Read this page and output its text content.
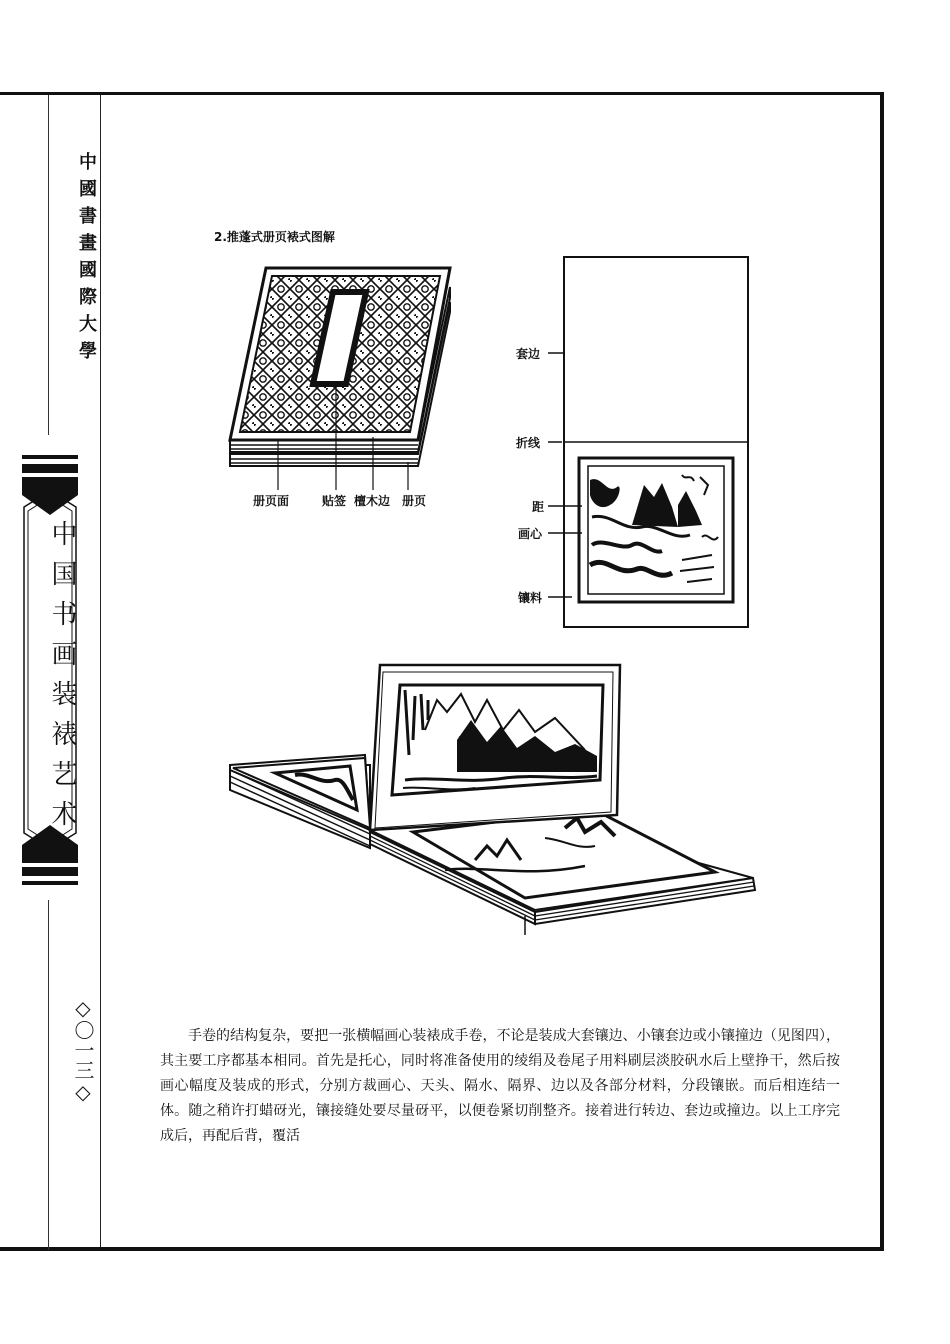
中國書畫國際大學
中国书画装裱艺术
◇〇一三◇
2.推蓬式册页裱式图解
册页面	贴签 檀木边 册页
套边
折线
距
画心
镶料
手卷的结构复杂，要把一张横幅画心装裱成手卷，不论是装成大套镶边、小镶套边或小镶撞边（见图四），其主要工序都基本相同。首先是托心，同时将准备使用的绫绢及卷尾子用料刷层淡胶矾水后上壁挣干，然后按画心幅度及装成的形式，分别方裁画心、天头、隔水、隔界、边以及各部分材料，分段镶嵌。而后相连结一体。随之稍许打蜡砑光，镶接缝处要尽量砑平，以便卷紧切削整齐。接着进行转边、套边或撞边。以上工序完成后，再配后背，覆活
